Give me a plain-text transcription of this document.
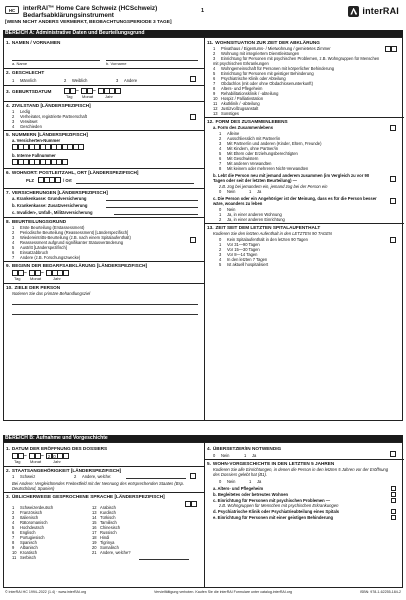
HC	interRAI™ Home Care Schweiz (HCSchweiz)
Bedarfsabklärungsinstrument
[WENN NICHT ANDERS VERMERKT, BEOBACHTUNGSPERIODE 3 TAGE]
1	interRAI
BEREICH A: Administrative Daten und Beurteilungsgrund
1. NAMEN / VORNAMEN
a. Name	b. Vorname
2. GESCHLECHT
1 Männlich	2 Weiblich	3 Andere
3. GEBURTSDATUM	–	–
Tag Monat	Jahr
4. ZIVILSTAND [LÄNDERSPEZIFISCH]
1 Ledig
2 Verheiratet, registrierte Partnerschaft
3 Verwitwet
4 Geschieden
5. NUMMERN [LÄNDERSPEZIFISCH]
a. Versicherten-Nummer
b. Interne Fallnummer
6. WOHNORT: POSTLEITZAHL, ORT [LÄNDERSPEZIFISCH]
PLZ	/ Ort
7. VERSICHERUNGEN [LÄNDERSPEZIFISCH]
a. Krankenkasse: Grundversicherung
b. Krankenkasse: Zusatzversicherung
c. Invaliden-, Unfall-, Militärversicherung
8. BEURTEILUNGSGRUND
1 Erste Beurteilung (Erstassessment)
2 Periodische Beurteilung (Reassessment) [Länderspezifisch]
3 Wiedereintritts-Beurteilung (z.B. nach einem Spitalaufenthalt)
4 Reassessment aufgrund signifikanter Statusveränderung
5 Austritt [Länderspezifisch]
6 Einsatzabbruch
7 Andere (z.B. Forschungszwecke)
9. BEGINN DER BEDARFSABKLÄRUNG [LÄNDERSPEZIFISCH]
–	–
Tag Monat	Jahr
10. ZIELE DER PERSON
Notieren Sie das primäre Behandlungsziel
11. WOHNSITUATION ZUR ZEIT DER ABKLÄRUNG
1 Privathaus / Eigentums- / Mietwohnung / gemietetes Zimmer
2 Wohnung mit integriertem Dienstleistungen
3 Einrichtung für Personen mit psychischen Problemen, z.B. Wohngruppen für Menschen mit psychischen Erkrankungen
4 Wohngemeinschaft für Personen mit körperlicher Behinderung
5 Einrichtung für Personen mit geistiger Behinderung
6 Psychiatrische Klinik oder Abteilung
7 Obdachlos (mit oder ohne Obdachlosenunterkunft)
8 Alters- und Pflegeheim
9 Rehabilitationsklinik / -abteilung
10 Hospiz / Palliativstation
11 Akutklinik / -abteilung
12 Justizvollzugsanstalt
13 Sonstiges
12. FORM DES ZUSAMMENLEBENS
a. Form des Zusammenlebens
1 Alleine
2 Ausschliesslich mit Partner/in
3 Mit Partner/in und anderen (Kinder, Eltern, Freunde)
4 Mit Kindern, ohne Partner/in
5 Mit Eltern oder Erziehungsberechtigten
6 Mit Geschwistern
7 Mit anderen Verwandten
8 Mit keinem oder mehreren Nicht-Verwandten
b. Lebt die Person neu mit jemand anderem zusammen (im Vergleich zu vor 90 Tagen oder seit der letzten Beurteilung) —
z.B. zog bei jemandem ein, jemand zog bei der Person ein
0 Nein	1 Ja
c. Die Person oder ein Angehöriger ist der Meinung, dass es für die Person besser wäre, woanders zu leben
0 Nein
1 Ja, in einer anderen Wohnung
2 Ja, in einer anderen Einrichtung
13. ZEIT SEIT DEM LETZTEN SPITALAUFENTHALT
Kodieren Sie den letzten Aufenthalt in den LETZTEN 90 TAGEN
0 Kein Spitalaufenthalt in den letzten 90 Tagen
1 Vor 31—90 Tagen
2 Vor 15—30 Tagen
3 Vor 8—14 Tagen
4 In den letzten 7 Tagen
5 Ist aktuell hospitalisiert
BEREICH B: Aufnahme und Vorgeschichte
1. DATUM DER ERÖFFNUNG DES DOSSIERS
–	– 2 0
Tag Monat	Jahr
2. STAATSANGEHÖRIGKEIT [LÄNDERSPEZIFISCH]
1 Schweiz	2 Andere, welche:
Bei Andere: Vergleichtendes Freitextfeld mit der Nennung des entsprechenden Staates (Bsp. Deutschland, Spanien)
3. ÜBLICHERWEISE GESPROCHENE SPRACHE [LÄNDERSPEZIFISCH]
1 Schweizerdeutsch
2 Französisch
3 Italienisch
4 Rätoromanisch
5 Hochdeutsch
6 Englisch
7 Portugiesisch
8 Spanisch
9 Albanisch
10 Kroatisch
11 Serbisch
12 Arabisch
13 Kurdisch
14 Türkisch
15 Tamilisch
16 Chinesisch
17 Russisch
18 Hindi
19 Tigrinya
20 Somalisch
21 Andere, welche?
4. ÜBERSETZER/IN NOTWENDIG
0 Nein	1 Ja
5. WOHN-VORGESCHICHTE IN DEN LETZTEN 5 JAHREN
Kodieren Sie alle Einrichtungen, in denen die Person in den letzten 5 Jahren vor der Eröffnung des Dossiers gelebt hat (B1).
0 Nein	1 Ja
a. Alters- und Pflegeheim
b. Begleitetes oder betreutes Wohnen
c. Einrichtung für Personen mit psychischen Problemen —
z.B. Wohngruppen für Menschen mit psychischen Erkrankungen
d. Psychiatrische Klinik oder Psychiatrieabteilung eines Spitals
e. Einrichtung für Personen mit einer geistigen Behinderung
© interRAI HC 1994–2022 (1.4) · www.interRAI.org	Vervielfältigung verboten. Kaufen Sie die interRAI Formulare unter catalog.interRAI.org	ISBN: 978-1-62255-184-2
